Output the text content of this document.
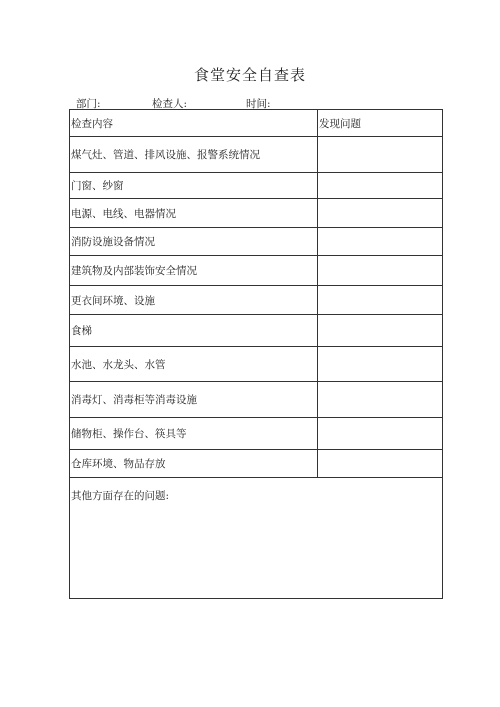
食堂安全自查表
部门:	检查人:	时间:
检查内容	发现问题
煤气灶、管道、排风设施、报警系统情况
门窗、纱窗
电源、电线、电器情况
消防设施设备情况
建筑物及内部装饰安全情况
更衣间环境、设施
食梯
水池、水龙头、水管
消毒灯、消毒柜等消毒设施
储物柜、操作台、筷具等
仓库环境、物品存放
其他方面存在的问题:
